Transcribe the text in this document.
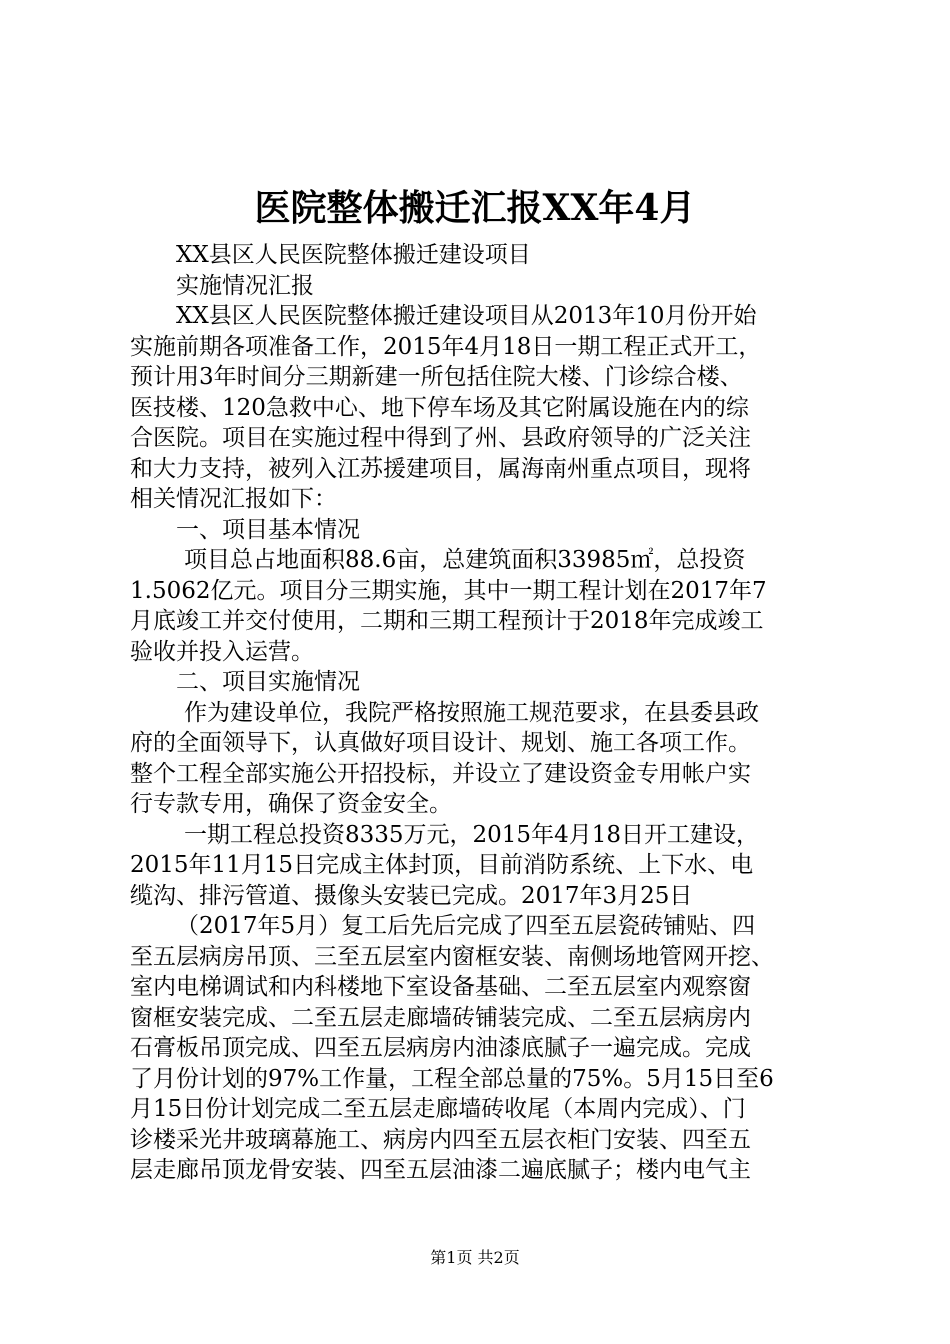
医院整体搬迁汇报XX年4月
XX县区人民医院整体搬迁建设项目
实施情况汇报
XX县区人民医院整体搬迁建设项目从2013年10月份开始
实施前期各项准备工作，2015年4月18日一期工程正式开工，
预计用3年时间分三期新建一所包括住院大楼、门诊综合楼、
医技楼、120急救中心、地下停车场及其它附属设施在内的综
合医院。项目在实施过程中得到了州、县政府领导的广泛关注
和大力支持，被列入江苏援建项目，属海南州重点项目，现将
相关情况汇报如下：
一、项目基本情况
项目总占地面积88.6亩，总建筑面积33985㎡，总投资
1.5062亿元。项目分三期实施，其中一期工程计划在2017年7
月底竣工并交付使用，二期和三期工程预计于2018年完成竣工
验收并投入运营。
二、项目实施情况
作为建设单位，我院严格按照施工规范要求，在县委县政
府的全面领导下，认真做好项目设计、规划、施工各项工作。
整个工程全部实施公开招投标，并设立了建设资金专用帐户实
行专款专用，确保了资金安全。
一期工程总投资8335万元，2015年4月18日开工建设，
2015年11月15日完成主体封顶，目前消防系统、上下水、电
缆沟、排污管道、摄像头安装已完成。2017年3月25日
（2017年5月）复工后先后完成了四至五层瓷砖铺贴、四
至五层病房吊顶、三至五层室内窗框安装、南侧场地管网开挖、
室内电梯调试和内科楼地下室设备基础、二至五层室内观察窗
窗框安装完成、二至五层走廊墙砖铺装完成、二至五层病房内
石膏板吊顶完成、四至五层病房内油漆底腻子一遍完成。完成
了月份计划的97%工作量，工程全部总量的75%。5月15日至6
月15日份计划完成二至五层走廊墙砖收尾（本周内完成）、门
诊楼采光井玻璃幕施工、病房内四至五层衣柜门安装、四至五
层走廊吊顶龙骨安装、四至五层油漆二遍底腻子；楼内电气主
第1页 共2页
